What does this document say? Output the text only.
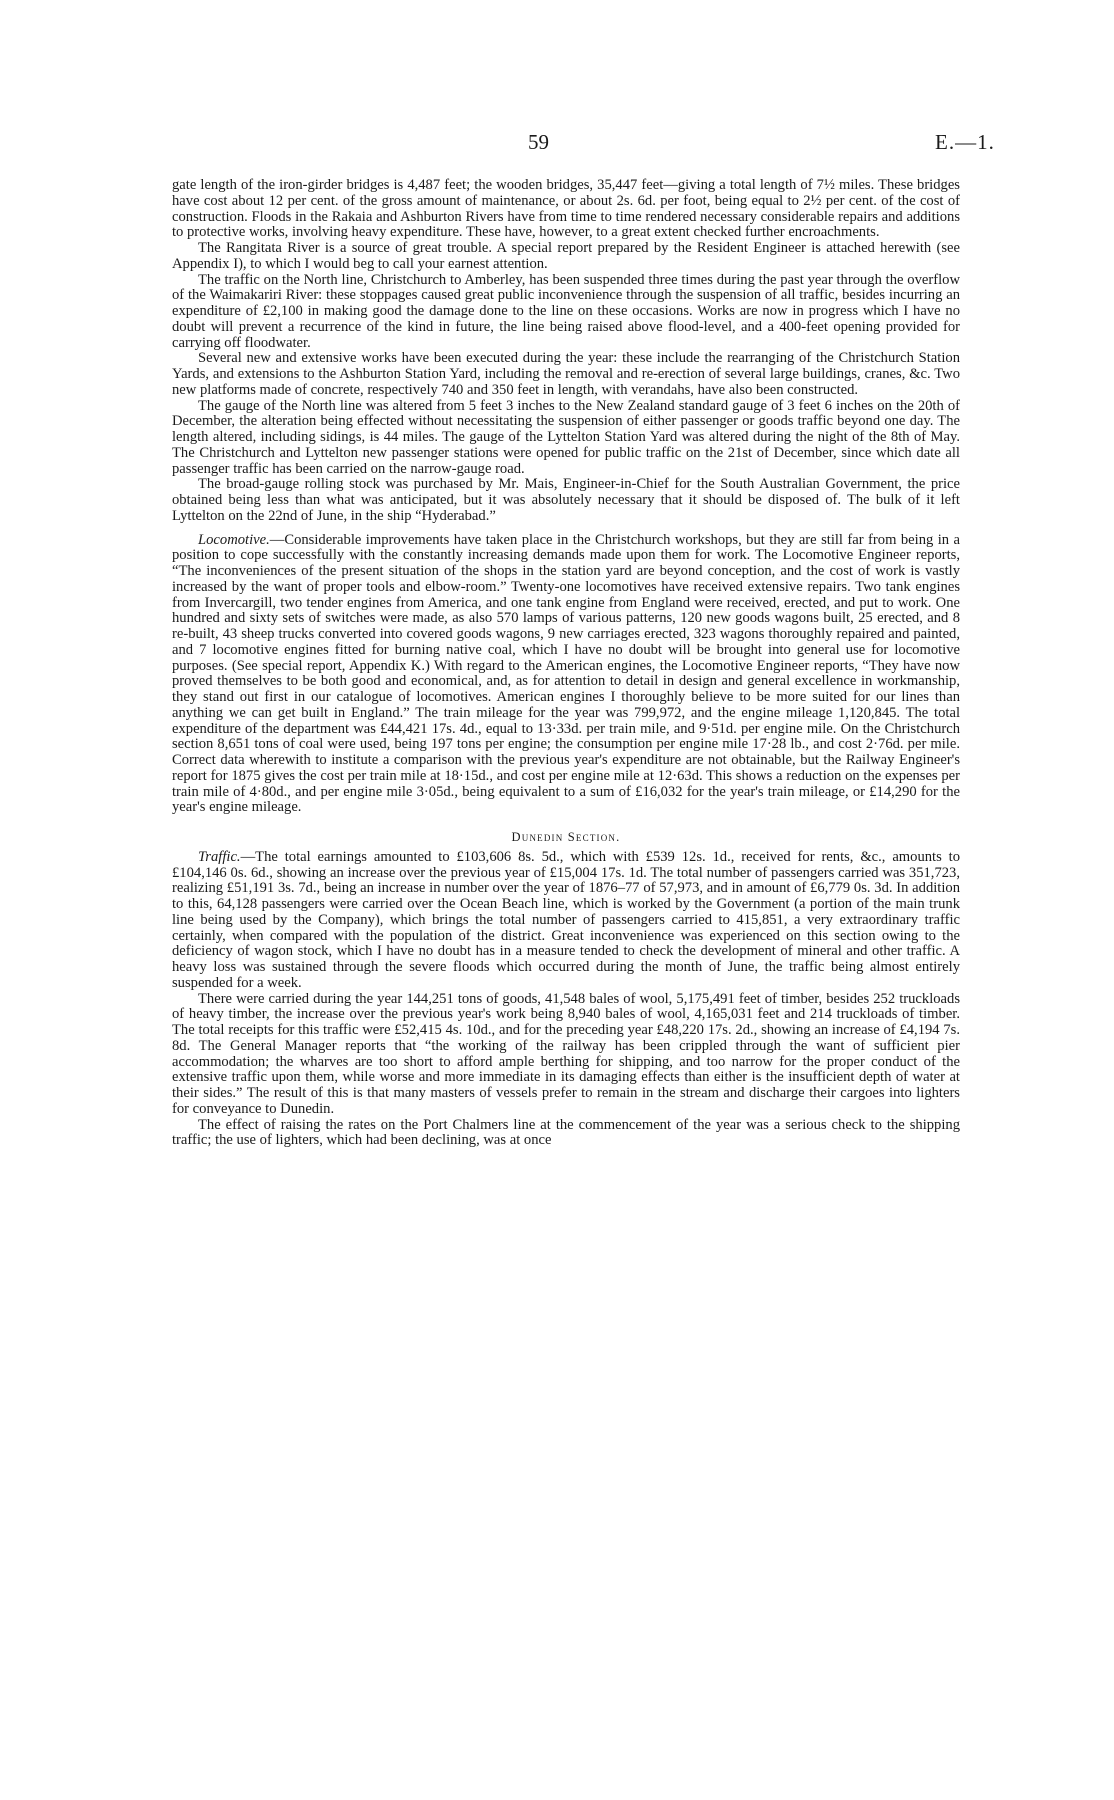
59	E.—1.

gate length of the iron-girder bridges is 4,487 feet; the wooden bridges, 35,447 feet—giving a total length of 7½ miles. These bridges have cost about 12 per cent. of the gross amount of maintenance, or about 2s. 6d. per foot, being equal to 2½ per cent. of the cost of construction. Floods in the Rakaia and Ashburton Rivers have from time to time rendered necessary considerable repairs and additions to protective works, involving heavy expenditure. These have, however, to a great extent checked further encroachments.

The Rangitata River is a source of great trouble. A special report prepared by the Resident Engineer is attached herewith (see Appendix I), to which I would beg to call your earnest attention.

The traffic on the North line, Christchurch to Amberley, has been suspended three times during the past year through the overflow of the Waimakariri River: these stoppages caused great public inconvenience through the suspension of all traffic, besides incurring an expenditure of £2,100 in making good the damage done to the line on these occasions. Works are now in progress which I have no doubt will prevent a recurrence of the kind in future, the line being raised above flood-level, and a 400-feet opening provided for carrying off floodwater.

Several new and extensive works have been executed during the year: these include the rearranging of the Christchurch Station Yards, and extensions to the Ashburton Station Yard, including the removal and re-erection of several large buildings, cranes, &c. Two new platforms made of concrete, respectively 740 and 350 feet in length, with verandahs, have also been constructed.

The gauge of the North line was altered from 5 feet 3 inches to the New Zealand standard gauge of 3 feet 6 inches on the 20th of December, the alteration being effected without necessitating the suspension of either passenger or goods traffic beyond one day. The length altered, including sidings, is 44 miles. The gauge of the Lyttelton Station Yard was altered during the night of the 8th of May. The Christchurch and Lyttelton new passenger stations were opened for public traffic on the 21st of December, since which date all passenger traffic has been carried on the narrow-gauge road.

The broad-gauge rolling stock was purchased by Mr. Mais, Engineer-in-Chief for the South Australian Government, the price obtained being less than what was anticipated, but it was absolutely necessary that it should be disposed of. The bulk of it left Lyttelton on the 22nd of June, in the ship “Hyderabad.”

Locomotive.—Considerable improvements have taken place in the Christchurch workshops, but they are still far from being in a position to cope successfully with the constantly increasing demands made upon them for work. The Locomotive Engineer reports, “The inconveniences of the present situation of the shops in the station yard are beyond conception, and the cost of work is vastly increased by the want of proper tools and elbow-room.” Twenty-one locomotives have received extensive repairs. Two tank engines from Invercargill, two tender engines from America, and one tank engine from England were received, erected, and put to work. One hundred and sixty sets of switches were made, as also 570 lamps of various patterns, 120 new goods wagons built, 25 erected, and 8 re-built, 43 sheep trucks converted into covered goods wagons, 9 new carriages erected, 323 wagons thoroughly repaired and painted, and 7 locomotive engines fitted for burning native coal, which I have no doubt will be brought into general use for locomotive purposes. (See special report, Appendix K.) With regard to the American engines, the Locomotive Engineer reports, “They have now proved themselves to be both good and economical, and, as for attention to detail in design and general excellence in workmanship, they stand out first in our catalogue of locomotives. American engines I thoroughly believe to be more suited for our lines than anything we can get built in England.” The train mileage for the year was 799,972, and the engine mileage 1,120,845. The total expenditure of the department was £44,421 17s. 4d., equal to 13·33d. per train mile, and 9·51d. per engine mile. On the Christchurch section 8,651 tons of coal were used, being 197 tons per engine; the consumption per engine mile 17·28 lb., and cost 2·76d. per mile. Correct data wherewith to institute a comparison with the previous year's expenditure are not obtainable, but the Railway Engineer's report for 1875 gives the cost per train mile at 18·15d., and cost per engine mile at 12·63d. This shows a reduction on the expenses per train mile of 4·80d., and per engine mile 3·05d., being equivalent to a sum of £16,032 for the year's train mileage, or £14,290 for the year's engine mileage.

Dunedin Section.

Traffic.—The total earnings amounted to £103,606 8s. 5d., which with £539 12s. 1d., received for rents, &c., amounts to £104,146 0s. 6d., showing an increase over the previous year of £15,004 17s. 1d. The total number of passengers carried was 351,723, realizing £51,191 3s. 7d., being an increase in number over the year of 1876–77 of 57,973, and in amount of £6,779 0s. 3d. In addition to this, 64,128 passengers were carried over the Ocean Beach line, which is worked by the Government (a portion of the main trunk line being used by the Company), which brings the total number of passengers carried to 415,851, a very extraordinary traffic certainly, when compared with the population of the district. Great inconvenience was experienced on this section owing to the deficiency of wagon stock, which I have no doubt has in a measure tended to check the development of mineral and other traffic. A heavy loss was sustained through the severe floods which occurred during the month of June, the traffic being almost entirely suspended for a week.

There were carried during the year 144,251 tons of goods, 41,548 bales of wool, 5,175,491 feet of timber, besides 252 truckloads of heavy timber, the increase over the previous year's work being 8,940 bales of wool, 4,165,031 feet and 214 truckloads of timber. The total receipts for this traffic were £52,415 4s. 10d., and for the preceding year £48,220 17s. 2d., showing an increase of £4,194 7s. 8d. The General Manager reports that “the working of the railway has been crippled through the want of sufficient pier accommodation; the wharves are too short to afford ample berthing for shipping, and too narrow for the proper conduct of the extensive traffic upon them, while worse and more immediate in its damaging effects than either is the insufficient depth of water at their sides.” The result of this is that many masters of vessels prefer to remain in the stream and discharge their cargoes into lighters for conveyance to Dunedin.

The effect of raising the rates on the Port Chalmers line at the commencement of the year was a serious check to the shipping traffic; the use of lighters, which had been declining, was at once
